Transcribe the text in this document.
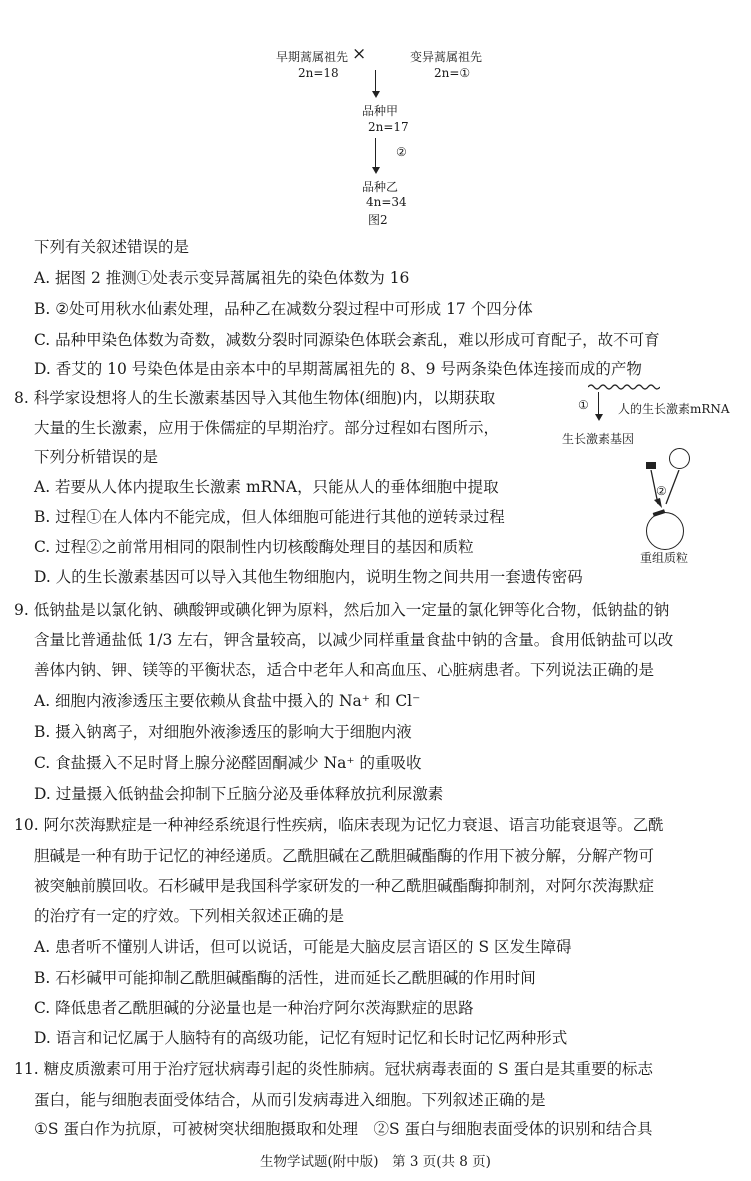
早期蒿属祖先
2n=18
×	变异蒿属祖先
2n=①
品种甲
2n=17
②
品种乙
4n=34
图2
下列有关叙述错误的是
A. 据图 2 推测①处表示变异蒿属祖先的染色体数为 16
B. ②处可用秋水仙素处理，品种乙在减数分裂过程中可形成 17 个四分体
C. 品种甲染色体数为奇数，减数分裂时同源染色体联会紊乱，难以形成可育配子，故不可育
D. 香艾的 10 号染色体是由亲本中的早期蒿属祖先的 8、9 号两条染色体连接而成的产物
8. 科学家设想将人的生长激素基因导入其他生物体(细胞)内，以期获取
大量的生长激素，应用于侏儒症的早期治疗。部分过程如右图所示，
下列分析错误的是
A. 若要从人体内提取生长激素 mRNA，只能从人的垂体细胞中提取
B. 过程①在人体内不能完成，但人体细胞可能进行其他的逆转录过程
C. 过程②之前常用相同的限制性内切核酸酶处理目的基因和质粒
D. 人的生长激素基因可以导入其他生物细胞内，说明生物之间共用一套遗传密码
① 人的生长激素mRNA
生长激素基因
②
重组质粒
9. 低钠盐是以氯化钠、碘酸钾或碘化钾为原料，然后加入一定量的氯化钾等化合物，低钠盐的钠
含量比普通盐低 1/3 左右，钾含量较高，以减少同样重量食盐中钠的含量。食用低钠盐可以改
善体内钠、钾、镁等的平衡状态，适合中老年人和高血压、心脏病患者。下列说法正确的是
A. 细胞内液渗透压主要依赖从食盐中摄入的 Na⁺ 和 Cl⁻
B. 摄入钠离子，对细胞外液渗透压的影响大于细胞内液
C. 食盐摄入不足时肾上腺分泌醛固酮减少 Na⁺ 的重吸收
D. 过量摄入低钠盐会抑制下丘脑分泌及垂体释放抗利尿激素
10. 阿尔茨海默症是一种神经系统退行性疾病，临床表现为记忆力衰退、语言功能衰退等。乙酰
胆碱是一种有助于记忆的神经递质。乙酰胆碱在乙酰胆碱酯酶的作用下被分解，分解产物可
被突触前膜回收。石杉碱甲是我国科学家研发的一种乙酰胆碱酯酶抑制剂，对阿尔茨海默症
的治疗有一定的疗效。下列相关叙述正确的是
A. 患者听不懂别人讲话，但可以说话，可能是大脑皮层言语区的 S 区发生障碍
B. 石杉碱甲可能抑制乙酰胆碱酯酶的活性，进而延长乙酰胆碱的作用时间
C. 降低患者乙酰胆碱的分泌量也是一种治疗阿尔茨海默症的思路
D. 语言和记忆属于人脑特有的高级功能，记忆有短时记忆和长时记忆两种形式
11. 糖皮质激素可用于治疗冠状病毒引起的炎性肺病。冠状病毒表面的 S 蛋白是其重要的标志
蛋白，能与细胞表面受体结合，从而引发病毒进入细胞。下列叙述正确的是
①S 蛋白作为抗原，可被树突状细胞摄取和处理　②S 蛋白与细胞表面受体的识别和结合具
生物学试题(附中版)　第 3 页(共 8 页)
